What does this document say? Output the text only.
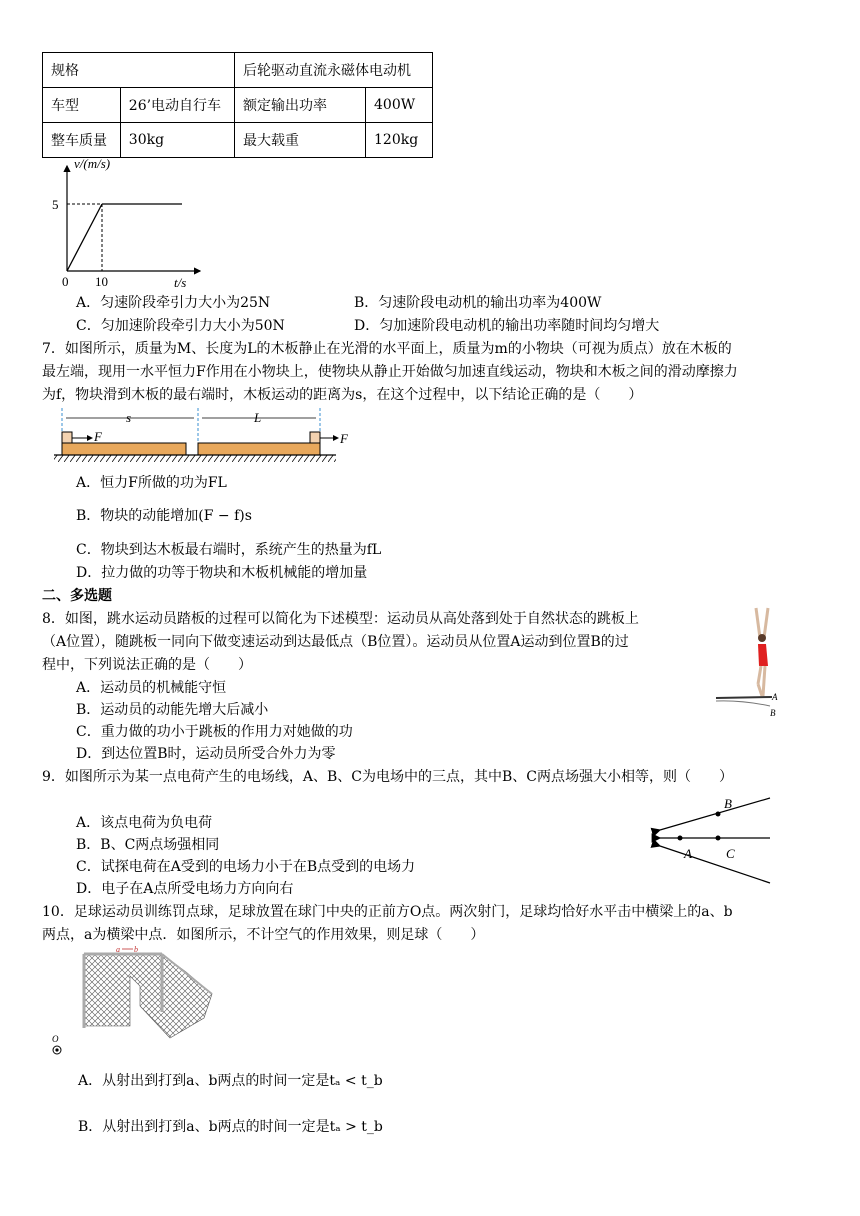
规格		后轮驱动直流永磁体电动机	
车型	26’电动自行车	额定输出功率	400W
整车质量	30kg	最大载重	120kg
v/(m/s)
t/s
0 10
5
A．匀速阶段牵引力大小为25N	B．匀速阶段电动机的输出功率为400W
C．匀加速阶段牵引力大小为50N	D．匀加速阶段电动机的输出功率随时间均匀增大
7．如图所示，质量为M、长度为L的木板静止在光滑的水平面上，质量为m的小物块（可视为质点）放在木板的
最左端，现用一水平恒力F作用在小物块上，使物块从静止开始做匀加速直线运动，物块和木板之间的滑动摩擦力
为f，物块滑到木板的最右端时，木板运动的距离为s，在这个过程中，以下结论正确的是（　　）
s	L
F	F
A．恒力F所做的功为FL
B．物块的动能增加(F − f)s
C．物块到达木板最右端时，系统产生的热量为fL
D．拉力做的功等于物块和木板机械能的增加量
二、多选题
8．如图，跳水运动员踏板的过程可以简化为下述模型：运动员从高处落到处于自然状态的跳板上
（A位置），随跳板一同向下做变速运动到达最低点（B位置）。运动员从位置A运动到位置B的过
程中，下列说法正确的是（　　）
A．运动员的机械能守恒
B．运动员的动能先增大后减小
C．重力做的功小于跳板的作用力对她做的功
D．到达位置B时，运动员所受合外力为零
A
B
9．如图所示为某一点电荷产生的电场线，A、B、C为电场中的三点，其中B、C两点场强大小相等，则（　　）
A．该点电荷为负电荷
B．B、C两点场强相同
C．试探电荷在A受到的电场力小于在B点受到的电场力
D．电子在A点所受电场力方向向右
B
A	C
10．足球运动员训练罚点球，足球放置在球门中央的正前方O点。两次射门，足球均恰好水平击中横梁上的a、b
两点，a为横梁中点．如图所示，不计空气的作用效果，则足球（　　）
a b
O
A．从射出到打到a、b两点的时间一定是tₐ < t_b
B．从射出到打到a、b两点的时间一定是tₐ > t_b
